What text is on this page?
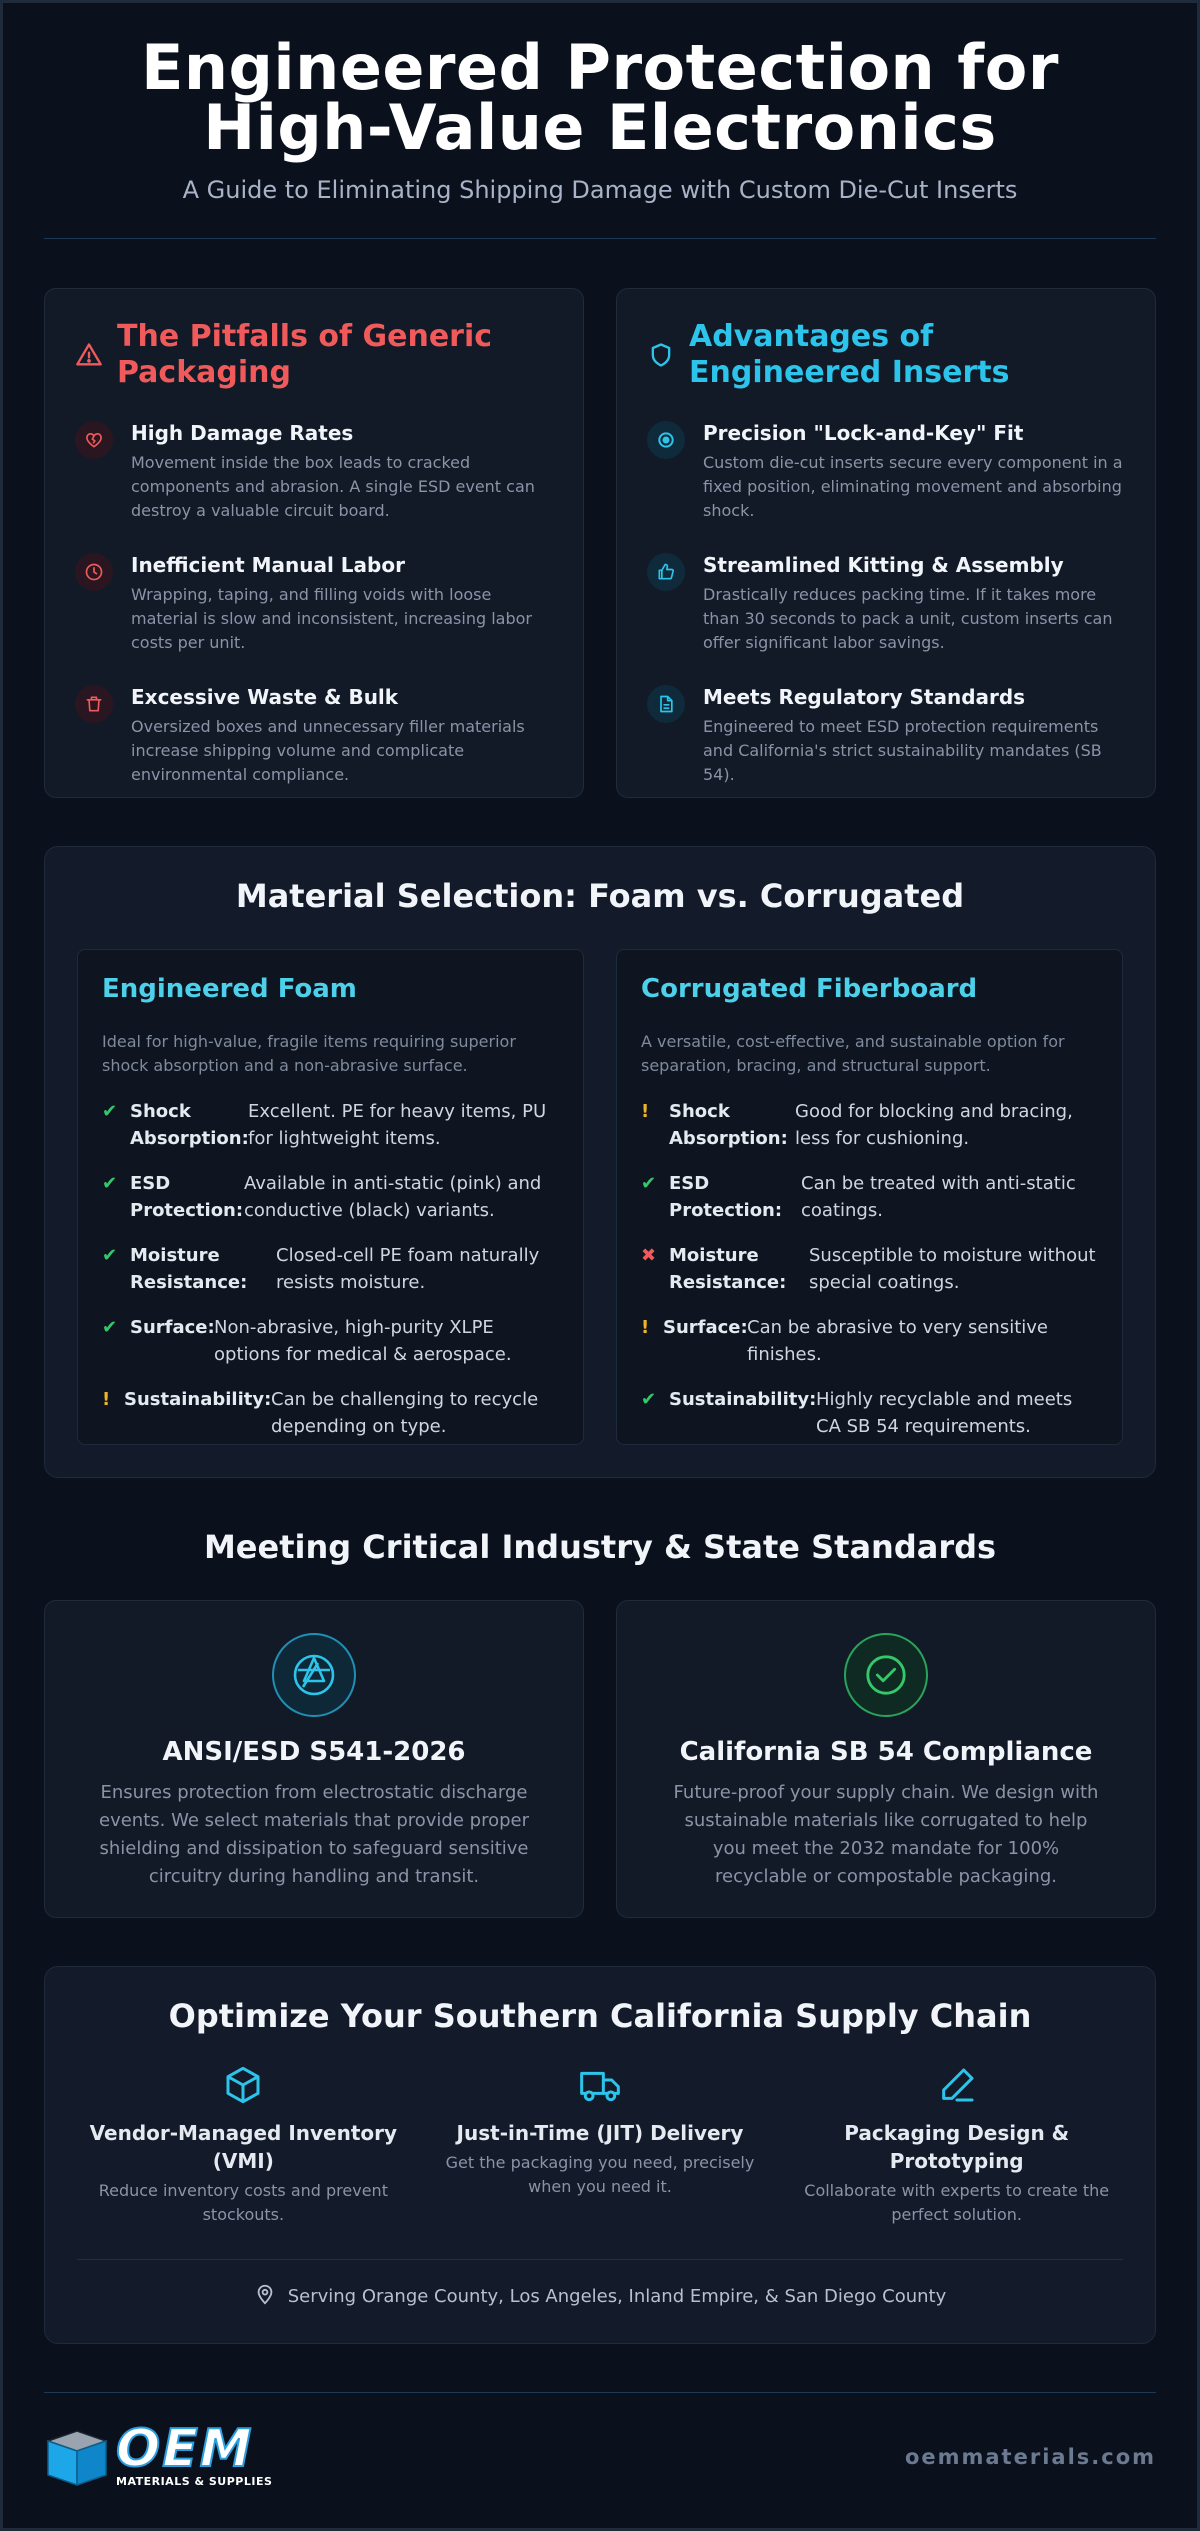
Engineered Protection for High-Value Electronics
A Guide to Eliminating Shipping Damage with Custom Die-Cut Inserts
The Pitfalls of Generic Packaging
High Damage Rates

Movement inside the box leads to cracked components and abrasion. A single ESD event can destroy a valuable circuit board.

Inefficient Manual Labor

Wrapping, taping, and filling voids with loose material is slow and inconsistent, increasing labor costs per unit.

Excessive Waste & Bulk

Oversized boxes and unnecessary filler materials increase shipping volume and complicate environmental compliance.

Advantages of Engineered Inserts
Precision "Lock-and-Key" Fit

Custom die-cut inserts secure every component in a fixed position, eliminating movement and absorbing shock.

Streamlined Kitting & Assembly

Drastically reduces packing time. If it takes more than 30 seconds to pack a unit, custom inserts can offer significant labor savings.

Meets Regulatory Standards

Engineered to meet ESD protection requirements and California's strict sustainability mandates (SB 54).

Material Selection: Foam vs. Corrugated
Engineered Foam

Ideal for high-value, fragile items requiring superior shock absorption and a non-abrasive surface.

✔ Shock Absorption:
Excellent. PE for heavy items, PU for lightweight items.
✔ ESD Protection:
Available in anti-static (pink) and conductive (black) variants.
✔ Moisture Resistance:
Closed-cell PE foam naturally resists moisture.
✔ Surface: Non-abrasive, high-purity XLPE options for medical & aerospace.
! Sustainability: Can be challenging to recycle depending on type.
Corrugated Fiberboard

A versatile, cost-effective, and sustainable option for separation, bracing, and structural support.

!	Shock Absorption:
Good for blocking and bracing, less for cushioning.
✔ ESD Protection:
Can be treated with anti-static coatings.
✖ Moisture Resistance:
Susceptible to moisture without special coatings.
! Surface: Can be abrasive to very sensitive finishes.
✔ Sustainability: Highly recyclable and meets CA SB 54 requirements.
Meeting Critical Industry & State Standards
ANSI/ESD S541-2026

Ensures protection from electrostatic discharge events. We select materials that provide proper shielding and dissipation to safeguard sensitive circuitry during handling and transit.

California SB 54 Compliance

Future-proof your supply chain. We design with sustainable materials like corrugated to help you meet the 2032 mandate for 100% recyclable or compostable packaging.

Optimize Your Southern California Supply Chain
Vendor-Managed Inventory (VMI)

Reduce inventory costs and prevent stockouts.

Just-in-Time (JIT) Delivery

Get the packaging you need, precisely when you need it.

Packaging Design & Prototyping

Collaborate with experts to create the perfect solution.

Serving Orange County, Los Angeles, Inland Empire, & San Diego County
OEM
MATERIALS & SUPPLIES
oemmaterials.com
